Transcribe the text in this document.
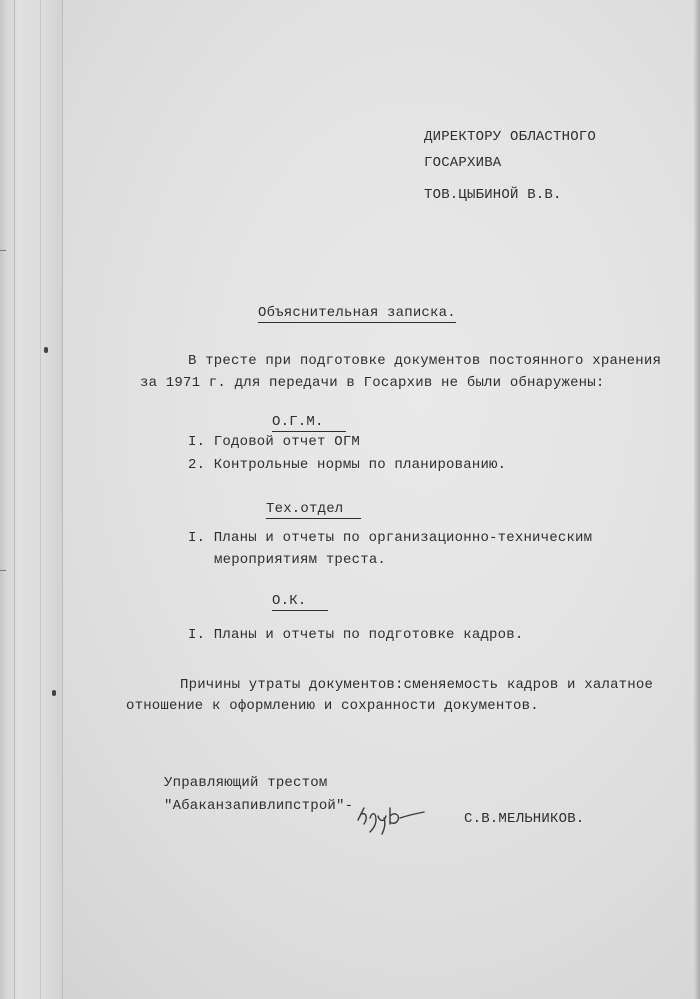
ДИРЕКТОРУ ОБЛАСТНОГО
ГОСАРХИВА
ТОВ.ЦЫБИНОЙ В.В.
Объяснительная записка.
В тресте при подготовке документов постоянного хранения
за 1971 г. для передачи в Госархив не были обнаружены:
О.Г.М.
I. Годовой отчет ОГМ
2. Контрольные нормы по планированию.
Тех.отдел
I. Планы и отчеты по организационно-техническим
мероприятиям треста.
О.К.
I. Планы и отчеты по подготовке кадров.
Причины утраты документов:сменяемость кадров и халатное
отношение к оформлению и сохранности документов.
Управляющий трестом
"Абаканзапивлипстрой"-
С.В.МЕЛЬНИКОВ.
